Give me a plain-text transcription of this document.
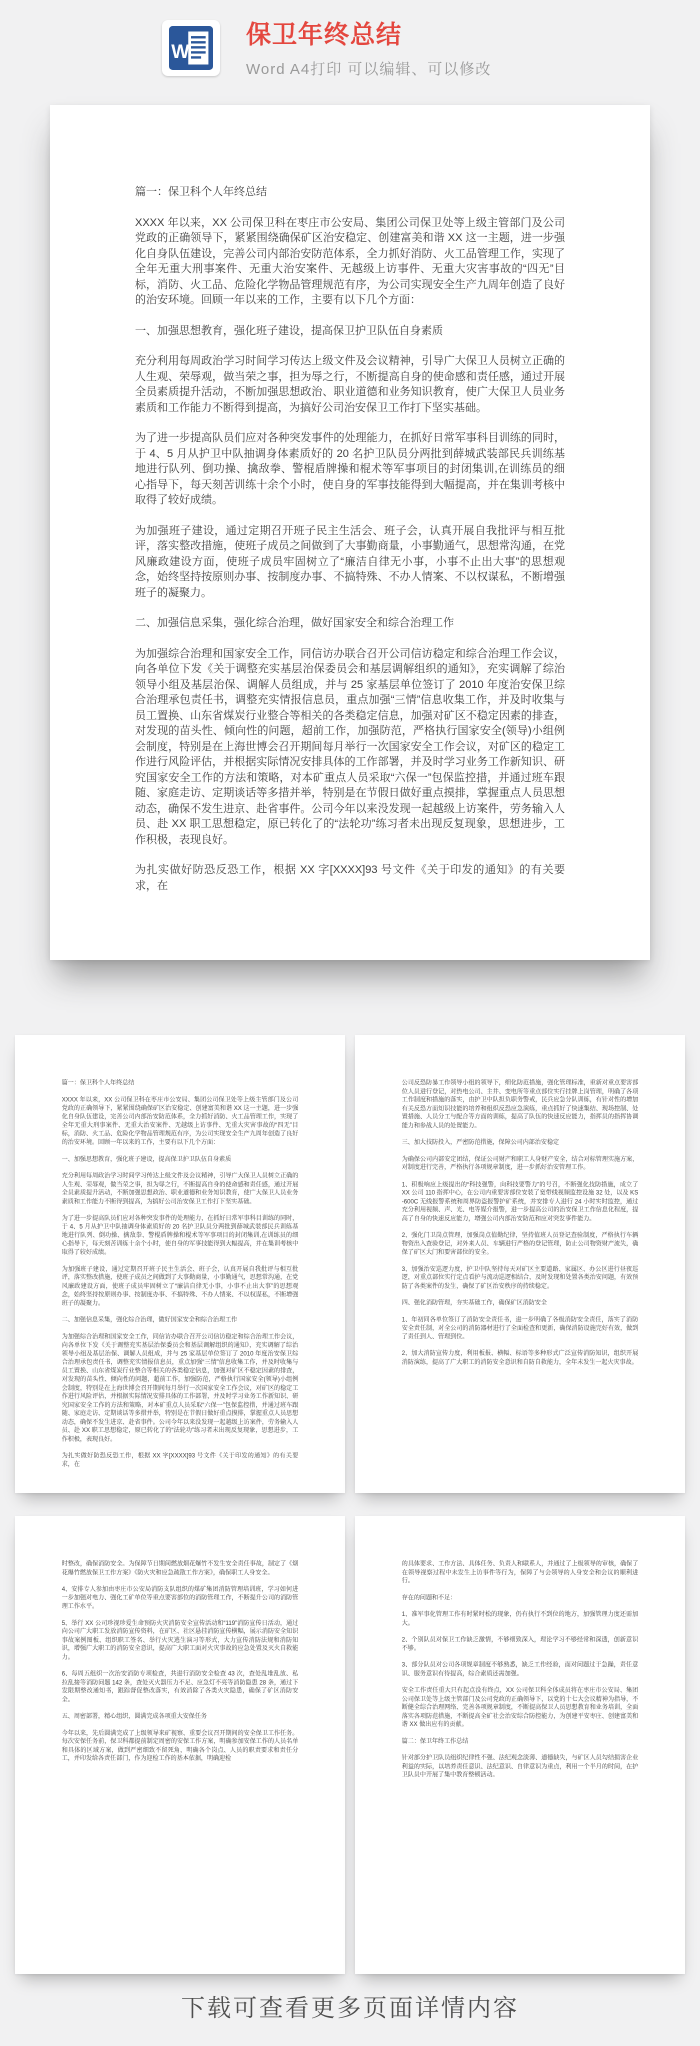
W
保卫年终总结
Word A4打印 可以编辑、可以修改

篇一：保卫科个人年终总结

XXXX 年以来，XX 公司保卫科在枣庄市公安局、集团公司保卫处等上级主管部门及公司党政的正确领导下，紧紧围绕确保矿区治安稳定、创建富美和谐 XX 这一主题，进一步强化自身队伍建设，完善公司内部治安防范体系，全力抓好消防、火工品管理工作，实现了全年无重大刑事案件、无重大治安案件、无越级上访事件、无重大灾害事故的“四无”目标，消防、火工品、危险化学物品管理规范有序，为公司实现安全生产九周年创造了良好的治安环境。回顾一年以来的工作，主要有以下几个方面：

一、加强思想教育，强化班子建设，提高保卫护卫队伍自身素质

充分利用每周政治学习时间学习传达上级文件及会议精神，引导广大保卫人员树立正确的人生观、荣辱观，做当荣之事，担为辱之行，不断提高自身的使命感和责任感，通过开展全员素质提升活动，不断加强思想政治、职业道德和业务知识教育，使广大保卫人员业务素质和工作能力不断得到提高，为搞好公司治安保卫工作打下坚实基础。

为了进一步提高队员们应对各种突发事件的处理能力，在抓好日常军事科目训练的同时，于 4、5 月从护卫中队抽调身体素质好的 20 名护卫队员分两批到薛城武装部民兵训练基地进行队列、倒功操、擒敌拳、警棍盾牌操和棍术等军事项目的封闭集训,在训练员的细心指导下，每天刻苦训练十余个小时，使自身的军事技能得到大幅提高，并在集训考核中取得了较好成绩。

为加强班子建设，通过定期召开班子民主生活会、班子会，认真开展自我批评与相互批评，落实整改措施，使班子成员之间做到了大事勤商量，小事勤通气，思想常沟通，在党风廉政建设方面，使班子成员牢固树立了“廉洁自律无小事，小事不止出大事”的思想观念，始终坚持按原则办事、按制度办事、不搞特殊、不办人情案、不以权谋私，不断增强班子的凝聚力。

二、加强信息采集，强化综合治理，做好国家安全和综合治理工作

为加强综合治理和国家安全工作，同信访办联合召开公司信访稳定和综合治理工作会议，向各单位下发《关于调整充实基层治保委员会和基层调解组织的通知》，充实调解了综治领导小组及基层治保、调解人员组成，并与 25 家基层单位签订了 2010 年度治安保卫综合治理承包责任书，调整充实情报信息员，重点加强“三情”信息收集工作，并及时收集与员工置换、山东省煤炭行业整合等相关的各类稳定信息，加强对矿区不稳定因素的排查，对发现的苗头性、倾向性的问题，超前工作，加强防范，严格执行国家安全(领导)小组例会制度，特别是在上海世博会召开期间每月举行一次国家安全工作会议，对矿区的稳定工作进行风险评估，并根据实际情况安排具体的工作部署，并及时学习业务工作新知识、研究国家安全工作的方法和策略，对本矿重点人员采取“六保一”包保监控措，并通过班车跟随、家庭走访、定期谈话等多措并举，特别是在节假日做好重点摸排，掌握重点人员思想动态，确保不发生进京、赴省事件。公司今年以来没发现一起越级上访案件，劳务输入人员、赴 XX 职工思想稳定，原已转化了的“法轮功”练习者未出现反复现象，思想进步，工作积极，表现良好。

为扎实做好防恐反恐工作，根据 XX 字[XXXX]93 号文件《关于印发的通知》的有关要求，在

篇一：保卫科个人年终总结

XXXX 年以来，XX 公司保卫科在枣庄市公安局、集团公司保卫处等上级主管部门及公司党政的正确领导下，紧紧围绕确保矿区治安稳定、创建富美和谐 XX 这一主题，进一步强化自身队伍建设，完善公司内部治安防范体系，全力抓好消防、火工品管理工作，实现了全年无重大刑事案件、无重大治安案件、无越级上访事件、无重大灾害事故的“四无”目标，消防、火工品、危险化学物品管理规范有序，为公司实现安全生产九周年创造了良好的治安环境。回顾一年以来的工作，主要有以下几个方面：

一、加强思想教育，强化班子建设，提高保卫护卫队伍自身素质

充分利用每周政治学习时间学习传达上级文件及会议精神，引导广大保卫人员树立正确的人生观、荣辱观，做当荣之事，担为辱之行，不断提高自身的使命感和责任感，通过开展全员素质提升活动，不断加强思想政治、职业道德和业务知识教育，使广大保卫人员业务素质和工作能力不断得到提高，为搞好公司治安保卫工作打下坚实基础。

为了进一步提高队员们应对各种突发事件的处理能力，在抓好日常军事科目训练的同时，于 4、5 月从护卫中队抽调身体素质好的 20 名护卫队员分两批到薛城武装部民兵训练基地进行队列、倒功操、擒敌拳、警棍盾牌操和棍术等军事项目的封闭集训,在训练员的细心指导下，每天刻苦训练十余个小时，使自身的军事技能得到大幅提高，并在集训考核中取得了较好成绩。

为加强班子建设，通过定期召开班子民主生活会、班子会，认真开展自我批评与相互批评，落实整改措施，使班子成员之间做到了大事勤商量，小事勤通气，思想常沟通，在党风廉政建设方面，使班子成员牢固树立了“廉洁自律无小事，小事不止出大事”的思想观念，始终坚持按原则办事、按制度办事、不搞特殊、不办人情案、不以权谋私，不断增强班子的凝聚力。

二、加强信息采集，强化综合治理，做好国家安全和综合治理工作

为加强综合治理和国家安全工作，同信访办联合召开公司信访稳定和综合治理工作会议，向各单位下发《关于调整充实基层治保委员会和基层调解组织的通知》，充实调解了综治领导小组及基层治保、调解人员组成，并与 25 家基层单位签订了 2010 年度治安保卫综合治理承包责任书，调整充实情报信息员，重点加强“三情”信息收集工作，并及时收集与员工置换、山东省煤炭行业整合等相关的各类稳定信息，加强对矿区不稳定因素的排查，对发现的苗头性、倾向性的问题，超前工作，加强防范，严格执行国家安全(领导)小组例会制度，特别是在上海世博会召开期间每月举行一次国家安全工作会议，对矿区的稳定工作进行风险评估，并根据实际情况安排具体的工作部署，并及时学习业务工作新知识、研究国家安全工作的方法和策略，对本矿重点人员采取“六保一”包保监控措，并通过班车跟随、家庭走访、定期谈话等多措并举，特别是在节假日做好重点摸排，掌握重点人员思想动态，确保不发生进京、赴省事件。公司今年以来没发现一起越级上访案件，劳务输入人员、赴 XX 职工思想稳定，原已转化了的“法轮功”练习者未出现反复现象，思想进步，工作积极，表现良好。

为扎实做好防恐反恐工作，根据 XX 字[XXXX]93 号文件《关于印发的通知》的有关要求，在

公司反恐防暴工作领导小组的领导下，细化防范措施，强化管理标准，重新对重点要害部位人员进行登记，对热电公司、主井、变电所等重点部位实行挂牌上岗管理，明确了各项工作制度和措施的落实，由护卫中队担负职务警戒，民兵应急分队训练，有针对性的增加有关反恐方面知识技能的培养和组织反恐应急演练，重点抓好了快速集结、现场控制、处置措施、人员分工与配合等方面的训练，提高了队伍的快速反应能力，指挥员的指挥协调能力和参战人员的处置能力。

三、加大技防投入，严密防范措施，保障公司内部治安稳定

为确保公司内部安定团结，保证公司财产和职工人身财产安全，结合对标管理实施方案，对制度进行完善，严格执行各项规章制度，进一步抓好治安管理工作。

1、积极响应上级提出的“科技强警，向科技要警力”的号召，不断强化技防措施，成立了 XX 公司 110 指挥中心，在公司内重要害部位安装了宽带线视频监控设施 32 处，以及 KS-600C 无线报警系统和周界防盗报警护矿系统，并安排专人进行 24 小时实时监控，通过充分利用视频、声、光、电等媒介报警，进一步提高公司的治安保卫工作信息化程度，提高了自身的快速反应能力，增强公司内部治安防范和应对突发事件能力。

2、强化门卫岗点管理，加强岗点值勤纪律，坚持值班人员登记查验制度，严格执行车辆物资出入查验登记，对外来人员、车辆进行严格的登记管理，防止公司物资财产流失，确保了矿区大门和要害部位的安全。

3、加强治安巡逻力度，护卫中队坚持每天对矿区主要道路、家属区、办公区进行昼夜巡逻，对重点部位实行定点看护与流动巡逻相结合，及时发现和处置各类治安问题，有效预防了各类案件的发生，确保了矿区治安秩序的持续稳定。

四、强化消防管理，夯实基础工作，确保矿区消防安全

1、年初同各单位签订了消防安全责任书，进一步明确了各级消防安全责任，落实了消防安全责任制，对全公司的消防器材进行了全面检查和更新，确保消防设施完好有效，做到了责任到人、管理到位。

2、加大消防宣传力度，利用板报、横幅、标语等多种形式广泛宣传消防知识，组织开展消防演练，提高了广大职工的消防安全意识和自防自救能力，全年未发生一起火灾事故。

时整改，确保消防安全。为保障节日期间燃放烟花爆竹不发生安全责任事故，制定了《烟花爆竹燃放保卫工作方案》《防火灾和应急疏散工作方案》，确保职工人身安全。

4、安排专人参加由枣庄市公安局消防支队组织的煤矿集团消防管理培训班，学习如何进一步加强对电力、强化工矿单位等重点要害部位的消防管理工作，不断提升公司的消防管理工作水平。

5、举行 XX 公司珍视珍爱生命预防火灾消防安全宣传活动和“119”消防宣传日活动，通过向公司广大职工发放消防宣传资料，在矿区、社区悬挂消防宣传横幅，展示消防安全知识事故案例图板、组织职工签名、举行火灾逃生演习等形式，大力宣传消防法规和消防知识，增强广大职工的消防安全意识，提高广大职工面对火灾事故的应急处置及灭火自救能力。

6、每周五组织一次治安消防专项检查，共进行消防安全检查 43 次，查处乱堆乱放、私拉乱接等消防问题 142 条，查处灭火器压力不足、应急灯不亮等消防隐患 28 条，通过下发限期整改通知书，跟踪督促整改落实，有效消除了各类火灾隐患，确保了矿区消防安全。

五、周密部署，精心组织，圆满完成各项重大安保任务

今年以来，先后圆满完成了上级领导来矿视察、重要会议召开期间的安全保卫工作任务。每次安保任务前，保卫科都提前制定周密的安保工作方案，明确参加安保工作的人员名单和具体的区域方案，做到严密细致不留死角，明确各个岗点、人员的职责要求和责任分工，并印发给各责任部门，作为迎检工作的基本依据，明确迎检

的具体要求、工作方法、具体任务、负责人和联系人，并通过了上级领导的审核，确保了在领导视察过程中未发生上访事件等行为，保障了与会领导的人身安全和会议的顺利进行。

存在的问题和不足：

1、准军事化管理工作有时紧时松的现象，仍有执行不到位的地方，加强管理力度还需加大。

2、个别队员对保卫工作缺乏激情，不够细致深入，理论学习不够经常和深透，创新意识不够。

3、部分队员对公司各项规章制度不够熟悉，缺乏工作经验，面对问题过于急躁，责任意识、服务意识有待提高，综合素质还需加强。

安全工作责任重大只有起点没有终点，XX 公司保卫科全体成员将在枣庄市公安局、集团公司保卫处等上级主管部门及公司党政的正确领导下，以党的十七大会议精神为指导，不断健全综合治理网络、完善各项规章制度，不断提高保卫人员思想教育和业务培训，全面落实各项防范措施，不断提高全矿社会治安综合防控能力，为创建平安枣庄、创建富美和谐 XX 做出应有的贡献。

篇二：保卫年终工作总结

针对部分护卫队员组织纪律性不强、法纪观念淡薄、道德缺失，与矿区人员勾结损害企业利益的实际，以培养责任意识、法纪意识、自律意识为重点，利用一个半月的时间，在护卫队员中开展了集中教育整顿活动。

下载可查看更多页面详情内容
